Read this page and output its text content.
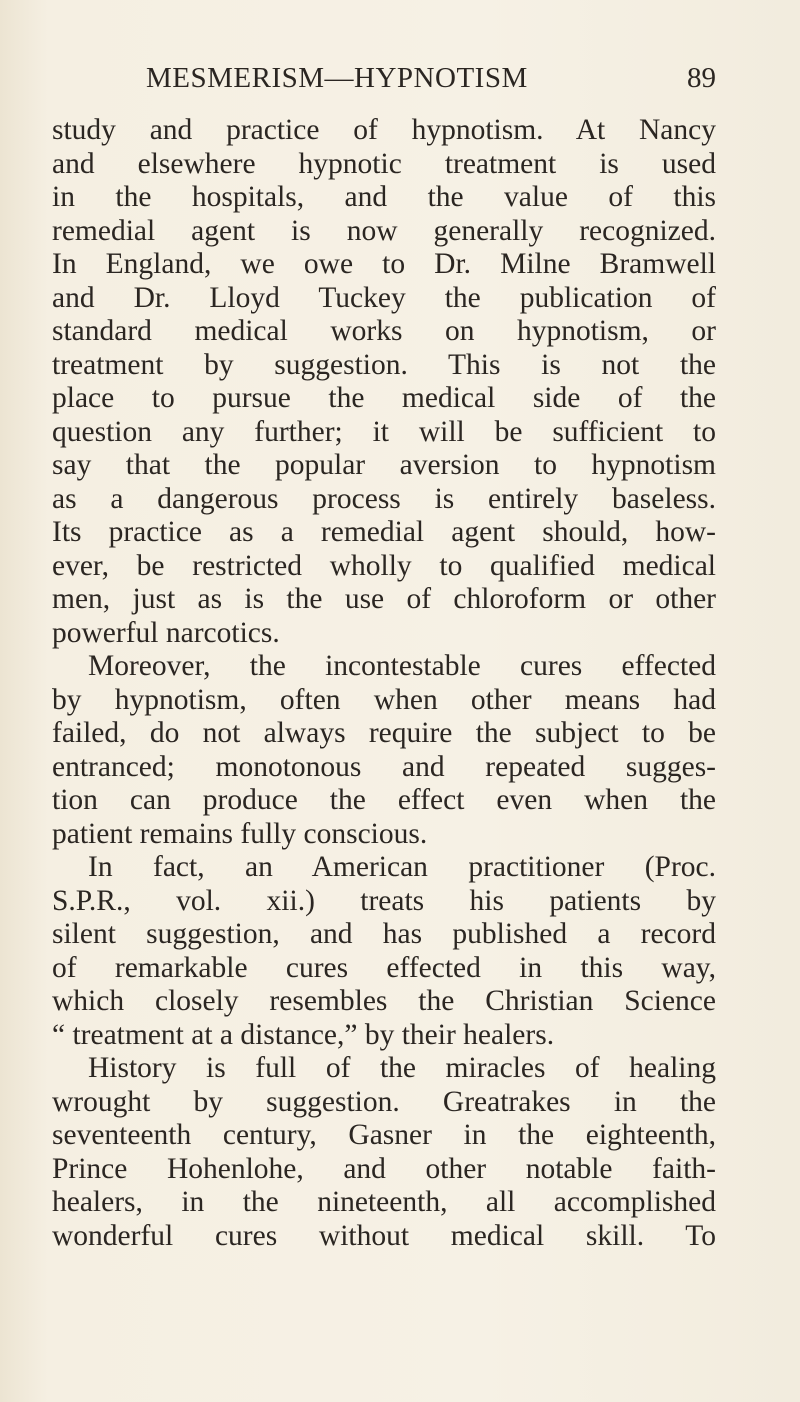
MESMERISM—HYPNOTISM	89
study and practice of hypnotism. At Nancy
and elsewhere hypnotic treatment is used
in the hospitals, and the value of this
remedial agent is now generally recognized.
In England, we owe to Dr. Milne Bramwell
and Dr. Lloyd Tuckey the publication of
standard medical works on hypnotism, or
treatment by suggestion. This is not the
place to pursue the medical side of the
question any further; it will be sufficient to
say that the popular aversion to hypnotism
as a dangerous process is entirely baseless.
Its practice as a remedial agent should, how-
ever, be restricted wholly to qualified medical
men, just as is the use of chloroform or other
powerful narcotics.
Moreover, the incontestable cures effected
by hypnotism, often when other means had
failed, do not always require the subject to be
entranced; monotonous and repeated sugges-
tion can produce the effect even when the
patient remains fully conscious.
In fact, an American practitioner (Proc.
S.P.R., vol. xii.) treats his patients by
silent suggestion, and has published a record
of remarkable cures effected in this way,
which closely resembles the Christian Science
“ treatment at a distance,” by their healers.
History is full of the miracles of healing
wrought by suggestion. Greatrakes in the
seventeenth century, Gasner in the eighteenth,
Prince Hohenlohe, and other notable faith-
healers, in the nineteenth, all accomplished
wonderful cures without medical skill. To
